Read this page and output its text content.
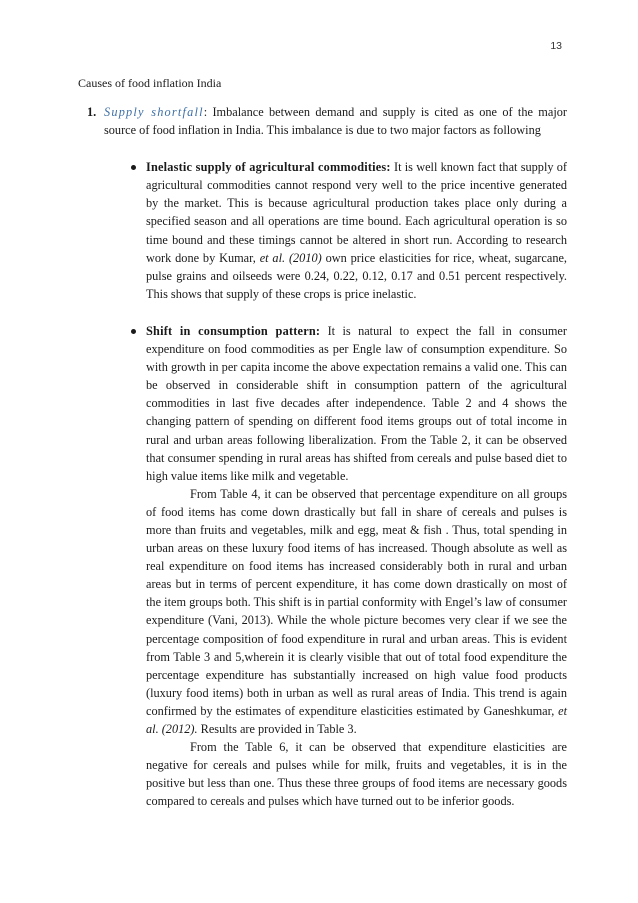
13
Causes of food inflation India
1. Supply shortfall: Imbalance between demand and supply is cited as one of the major source of food inflation in India. This imbalance is due to two major factors as following

Inelastic supply of agricultural commodities: It is well known fact that supply of agricultural commodities cannot respond very well to the price incentive generated by the market. This is because agricultural production takes place only during a specified season and all operations are time bound. Each agricultural operation is so time bound and these timings cannot be altered in short run. According to research work done by Kumar, et al. (2010) own price elasticities for rice, wheat, sugarcane, pulse grains and oilseeds were 0.24, 0.22, 0.12, 0.17 and 0.51 percent respectively. This shows that supply of these crops is price inelastic.

Shift in consumption pattern: It is natural to expect the fall in consumer expenditure on food commodities as per Engle law of consumption expenditure. So with growth in per capita income the above expectation remains a valid one. This can be observed in considerable shift in consumption pattern of the agricultural commodities in last five decades after independence. Table 2 and 4 shows the changing pattern of spending on different food items groups out of total income in rural and urban areas following liberalization. From the Table 2, it can be observed that consumer spending in rural areas has shifted from cereals and pulse based diet to high value items like milk and vegetable.

From Table 4, it can be observed that percentage expenditure on all groups of food items has come down drastically but fall in share of cereals and pulses is more than fruits and vegetables, milk and egg, meat & fish . Thus, total spending in urban areas on these luxury food items of has increased. Though absolute as well as real expenditure on food items has increased considerably both in rural and urban areas but in terms of percent expenditure, it has come down drastically on most of the item groups both. This shift is in partial conformity with Engel’s law of consumer expenditure (Vani, 2013). While the whole picture becomes very clear if we see the percentage composition of food expenditure in rural and urban areas. This is evident from Table 3 and 5,wherein it is clearly visible that out of total food expenditure the percentage expenditure has substantially increased on high value food products (luxury food items) both in urban as well as rural areas of India. This trend is again confirmed by the estimates of expenditure elasticities estimated by Ganeshkumar, et al. (2012). Results are provided in Table 3.

From the Table 6, it can be observed that expenditure elasticities are negative for cereals and pulses while for milk, fruits and vegetables, it is in the positive but less than one. Thus these three groups of food items are necessary goods compared to cereals and pulses which have turned out to be inferior goods.
